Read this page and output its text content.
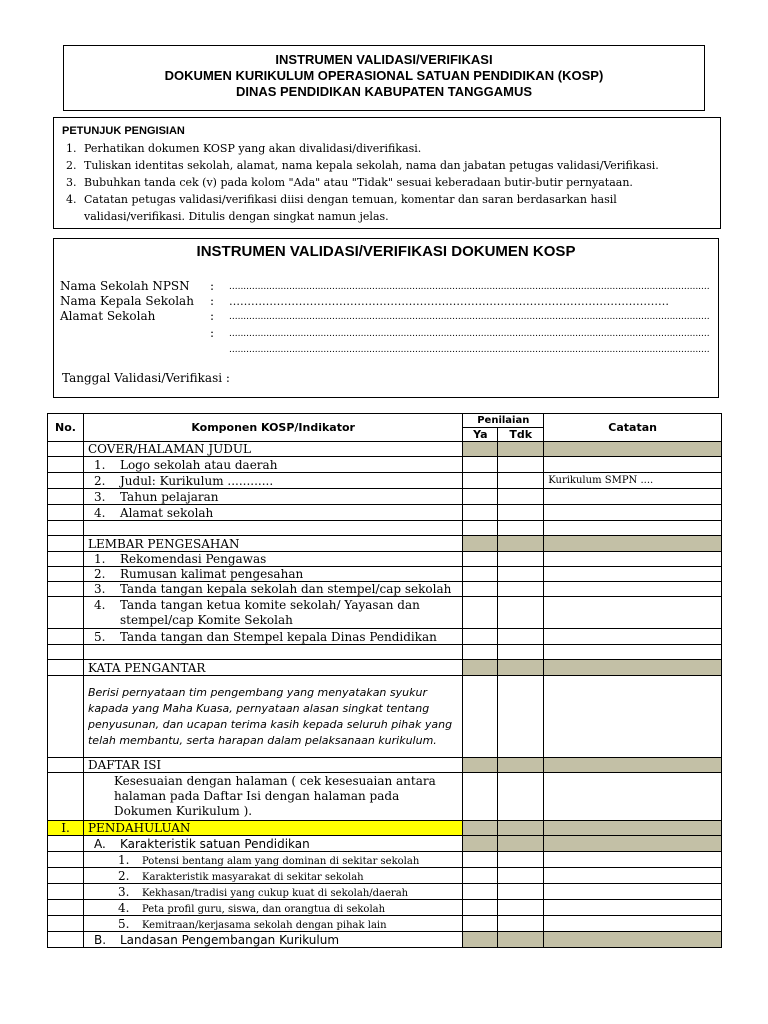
INSTRUMEN VALIDASI/VERIFIKASI
DOKUMEN KURIKULUM OPERASIONAL SATUAN PENDIDIKAN (KOSP)
DINAS PENDIDIKAN KABUPATEN TANGGAMUS
PETUNJUK PENGISIAN
1. Perhatikan dokumen KOSP yang akan divalidasi/diverifikasi.
2. Tuliskan identitas sekolah, alamat, nama kepala sekolah, nama dan jabatan petugas validasi/Verifikasi.
3. Bubuhkan tanda cek (v) pada kolom "Ada" atau "Tidak" sesuai keberadaan butir-butir pernyataan.
4. Catatan petugas validasi/verifikasi diisi dengan temuan, komentar dan saran berdasarkan hasil validasi/verifikasi. Ditulis dengan singkat namun jelas.
INSTRUMEN VALIDASI/VERIFIKASI DOKUMEN KOSP
Nama Sekolah NPSN : ........................................................................................................................................................................
Nama Kepala Sekolah : …………………………………………………………………………………………………………
Alamat Sekolah	: ........................................................................................................................................................................
: ........................................................................................................................................................................
........................................................................................................................................................................
Tanggal Validasi/Verifikasi :
No.	Komponen KOSP/Indikator	Penilaian		Catatan
		Ya	Tdk	
	COVER/HALAMAN JUDUL			
	1. Logo sekolah atau daerah			
	2. Judul: Kurikulum ............			Kurikulum SMPN ....
	3. Tahun pelajaran			
	4. Alamat sekolah			

	LEMBAR PENGESAHAN			
	1. Rekomendasi Pengawas			
	2. Rumusan kalimat pengesahan			
	3. Tanda tangan kepala sekolah dan stempel/cap sekolah			
	4. Tanda tangan ketua komite sekolah/ Yayasan dan stempel/cap Komite Sekolah			
	5. Tanda tangan dan Stempel kepala Dinas Pendidikan			

	KATA PENGANTAR			
	Berisi pernyataan tim pengembang yang menyatakan syukur kapada yang Maha Kuasa, pernyataan alasan singkat tentang penyusunan, dan ucapan terima kasih kepada seluruh pihak yang telah membantu, serta harapan dalam pelaksanaan kurikulum.			
	DAFTAR ISI			
	Kesesuaian dengan halaman ( cek kesesuaian antara halaman pada Daftar Isi dengan halaman pada Dokumen Kurikulum ).			
I.	PENDAHULUAN			
	A. Karakteristik satuan Pendidikan			
	1. Potensi bentang alam yang dominan di sekitar sekolah			
	2. Karakteristik masyarakat di sekitar sekolah			
	3. Kekhasan/tradisi yang cukup kuat di sekolah/daerah			
	4. Peta profil guru, siswa, dan orangtua di sekolah			
	5. Kemitraan/kerjasama sekolah dengan pihak lain			
	B. Landasan Pengembangan Kurikulum			
